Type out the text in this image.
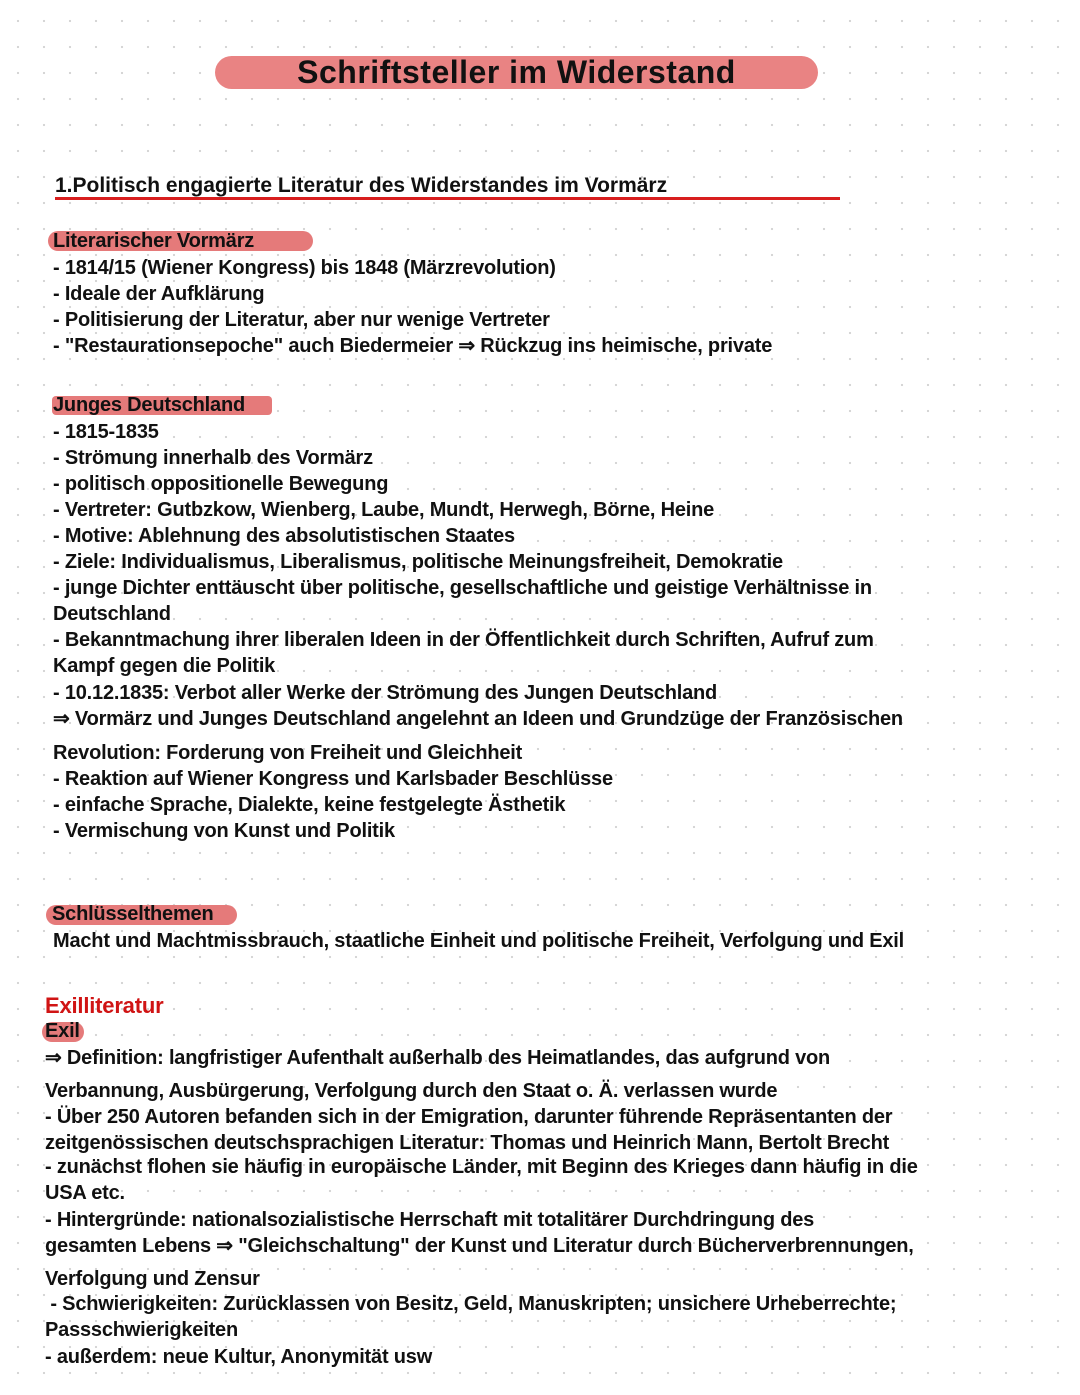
Schriftsteller im Widerstand
1.Politisch engagierte Literatur des Widerstandes im Vormärz
Literarischer Vormärz
- 1814/15 (Wiener Kongress) bis 1848 (Märzrevolution)
- Ideale der Aufklärung
- Politisierung der Literatur, aber nur wenige Vertreter
- "Restaurationsepoche" auch Biedermeier ⇒ Rückzug ins heimische, private
Junges Deutschland
- 1815-1835
- Strömung innerhalb des Vormärz
- politisch oppositionelle Bewegung
- Vertreter: Gutbzkow, Wienberg, Laube, Mundt, Herwegh, Börne, Heine
- Motive: Ablehnung des absolutistischen Staates
- Ziele: Individualismus, Liberalismus, politische Meinungsfreiheit, Demokratie
- junge Dichter enttäuscht über politische, gesellschaftliche und geistige Verhältnisse in
Deutschland
- Bekanntmachung ihrer liberalen Ideen in der Öffentlichkeit durch Schriften, Aufruf zum
Kampf gegen die Politik
- 10.12.1835: Verbot aller Werke der Strömung des Jungen Deutschland
⇒ Vormärz und Junges Deutschland angelehnt an Ideen und Grundzüge der Französischen
Revolution: Forderung von Freiheit und Gleichheit
- Reaktion auf Wiener Kongress und Karlsbader Beschlüsse
- einfache Sprache, Dialekte, keine festgelegte Ästhetik
- Vermischung von Kunst und Politik
Schlüsselthemen
Macht und Machtmissbrauch, staatliche Einheit und politische Freiheit, Verfolgung und Exil
Exilliteratur
Exil
⇒ Definition: langfristiger Aufenthalt außerhalb des Heimatlandes, das aufgrund von
Verbannung, Ausbürgerung, Verfolgung durch den Staat o. Ä. verlassen wurde
- Über 250 Autoren befanden sich in der Emigration, darunter führende Repräsentanten der
zeitgenössischen deutschsprachigen Literatur: Thomas und Heinrich Mann, Bertolt Brecht
- zunächst flohen sie häufig in europäische Länder, mit Beginn des Krieges dann häufig in die
USA etc.
- Hintergründe: nationalsozialistische Herrschaft mit totalitärer Durchdringung des
gesamten Lebens ⇒ "Gleichschaltung" der Kunst und Literatur durch Bücherverbrennungen,
Verfolgung und Zensur
- Schwierigkeiten: Zurücklassen von Besitz, Geld, Manuskripten; unsichere Urheberrechte;
Passschwierigkeiten
- außerdem: neue Kultur, Anonymität usw
